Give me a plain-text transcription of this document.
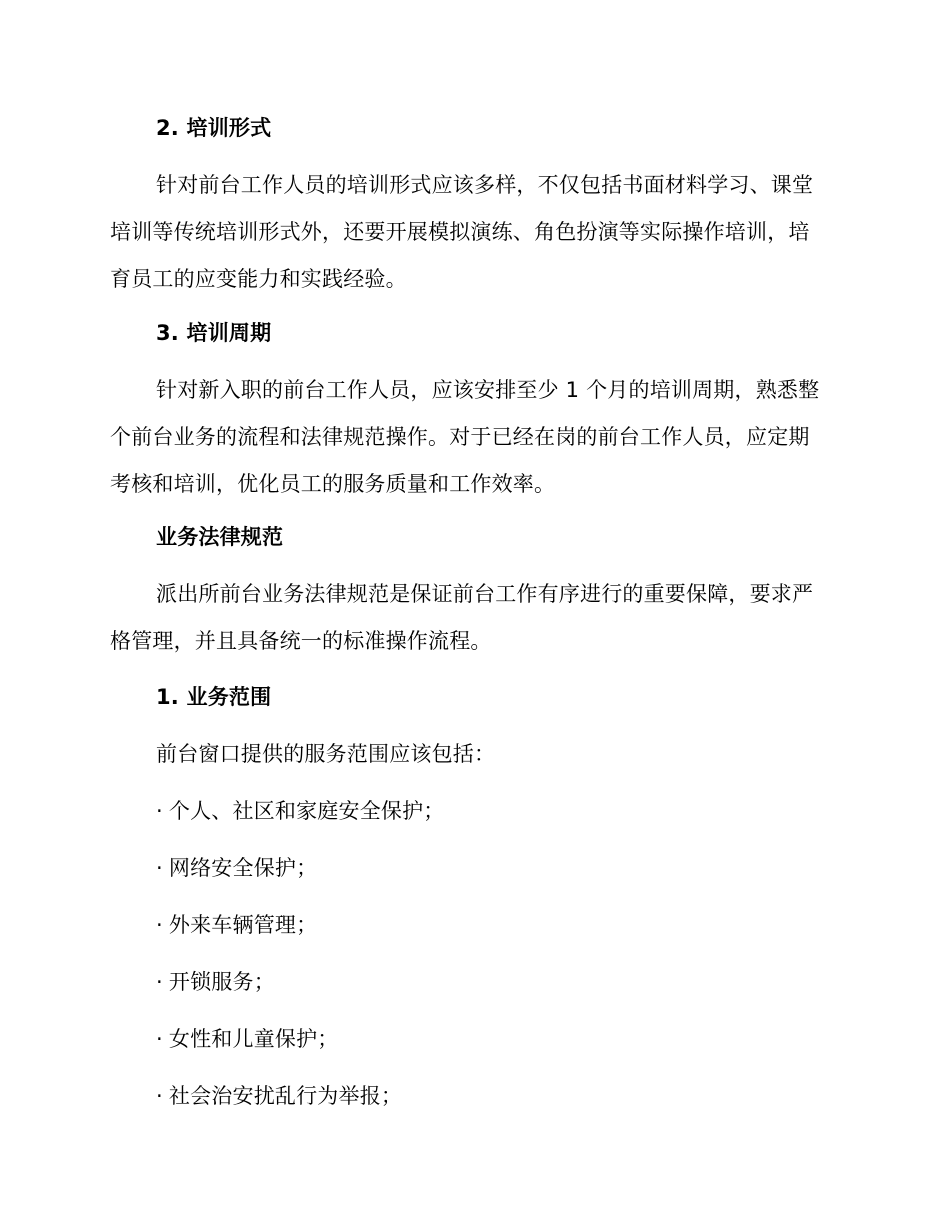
2. 培训形式
针对前台工作人员的培训形式应该多样，不仅包括书面材料学习、课堂
培训等传统培训形式外，还要开展模拟演练、角色扮演等实际操作培训，培
育员工的应变能力和实践经验。
3. 培训周期
针对新入职的前台工作人员，应该安排至少 1 个月的培训周期，熟悉整
个前台业务的流程和法律规范操作。对于已经在岗的前台工作人员，应定期
考核和培训，优化员工的服务质量和工作效率。
业务法律规范
派出所前台业务法律规范是保证前台工作有序进行的重要保障，要求严
格管理，并且具备统一的标准操作流程。
1. 业务范围
前台窗口提供的服务范围应该包括：
· 个人、社区和家庭安全保护；
· 网络安全保护；
· 外来车辆管理；
· 开锁服务；
· 女性和儿童保护；
· 社会治安扰乱行为举报；
